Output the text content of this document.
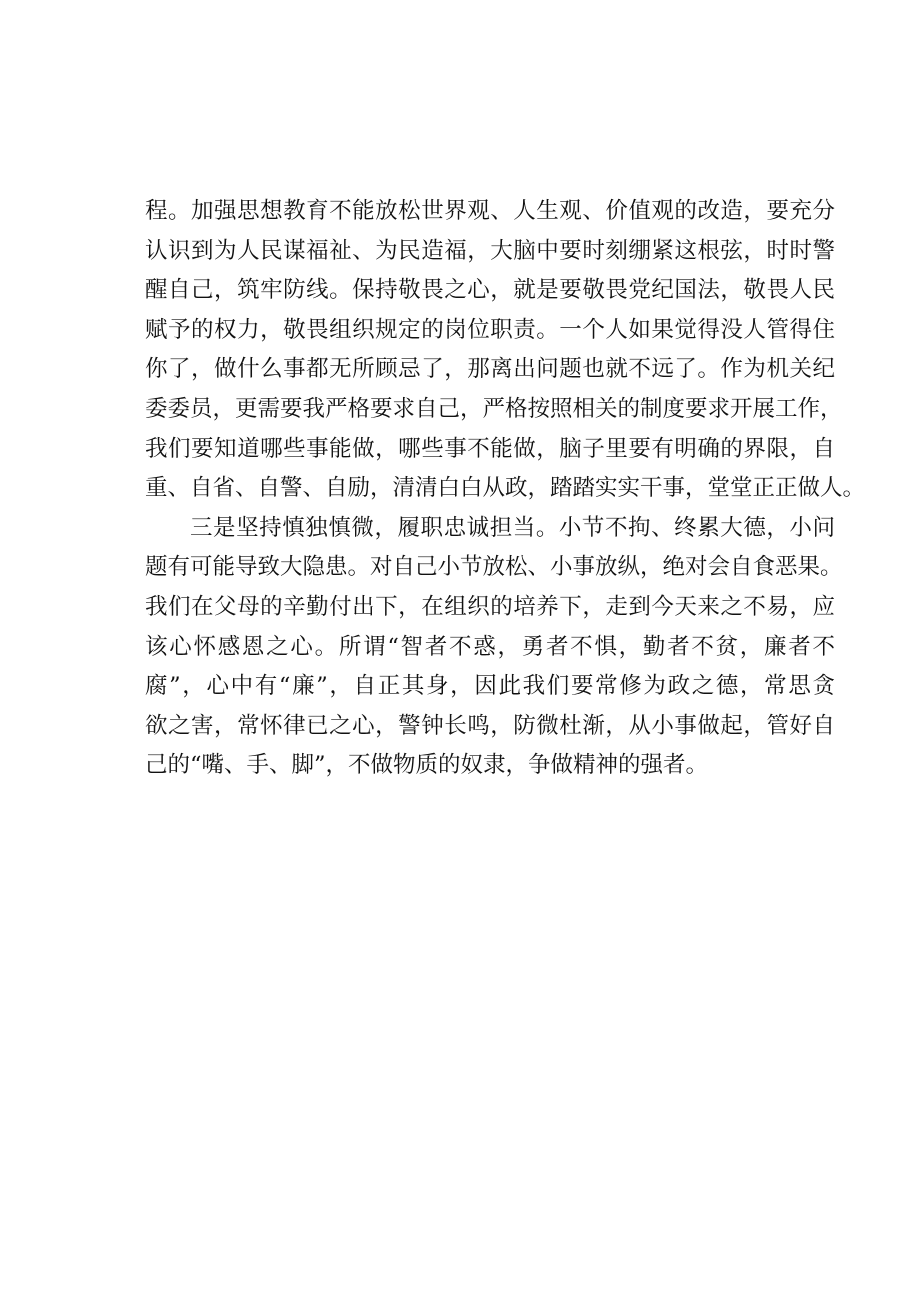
程。加强思想教育不能放松世界观、人生观、价值观的改造，要充分
认识到为人民谋福祉、为民造福，大脑中要时刻绷紧这根弦，时时警
醒自己，筑牢防线。保持敬畏之心，就是要敬畏党纪国法，敬畏人民
赋予的权力，敬畏组织规定的岗位职责。一个人如果觉得没人管得住
你了，做什么事都无所顾忌了，那离出问题也就不远了。作为机关纪
委委员，更需要我严格要求自己，严格按照相关的制度要求开展工作，
我们要知道哪些事能做，哪些事不能做，脑子里要有明确的界限，自
重、自省、自警、自励，清清白白从政，踏踏实实干事，堂堂正正做人。
三是坚持慎独慎微，履职忠诚担当。小节不拘、终累大德，小问
题有可能导致大隐患。对自己小节放松、小事放纵，绝对会自食恶果。
我们在父母的辛勤付出下，在组织的培养下，走到今天来之不易，应
该心怀感恩之心。所谓“智者不惑，勇者不惧，勤者不贫，廉者不
腐”，心中有“廉”，自正其身，因此我们要常修为政之德，常思贪
欲之害，常怀律已之心，警钟长鸣，防微杜渐，从小事做起，管好自
己的“嘴、手、脚”，不做物质的奴隶，争做精神的强者。
